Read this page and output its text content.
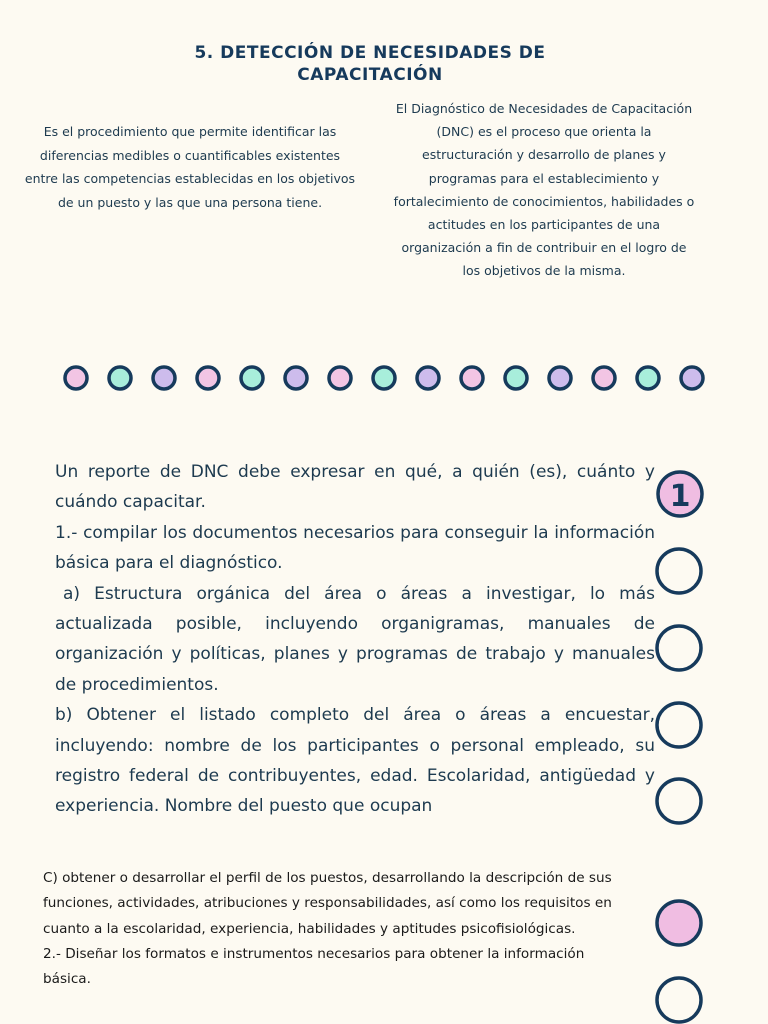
5. DETECCIÓN DE NECESIDADES DE CAPACITACIÓN
Es el procedimiento que permite identificar las diferencias medibles o cuantificables existentes entre las competencias establecidas en los objetivos de un puesto y las que una persona tiene.
El Diagnóstico de Necesidades de Capacitación (DNC) es el proceso que orienta la estructuración y desarrollo de planes y programas para el establecimiento y fortalecimiento de conocimientos, habilidades o actitudes en los participantes de una organización a fin de contribuir en el logro de los objetivos de la misma.

Un reporte de DNC debe expresar en qué, a quién (es), cuánto y cuándo capacitar.

1.- compilar los documentos necesarios para conseguir la información básica para el diagnóstico.

a) Estructura orgánica del área o áreas a investigar, lo más actualizada posible, incluyendo organigramas, manuales de organización y políticas, planes y programas de trabajo y manuales de procedimientos.

b) Obtener el listado completo del área o áreas a encuestar, incluyendo: nombre de los participantes o personal empleado, su registro federal de contribuyentes, edad. Escolaridad, antigüedad y experiencia. Nombre del puesto que ocupan

1

C) obtener o desarrollar el perfil de los puestos, desarrollando la descripción de sus funciones, actividades, atribuciones y responsabilidades, así como los requisitos en cuanto a la escolaridad, experiencia, habilidades y aptitudes psicofisiológicas.

2.- Diseñar los formatos e instrumentos necesarios para obtener la información básica.
